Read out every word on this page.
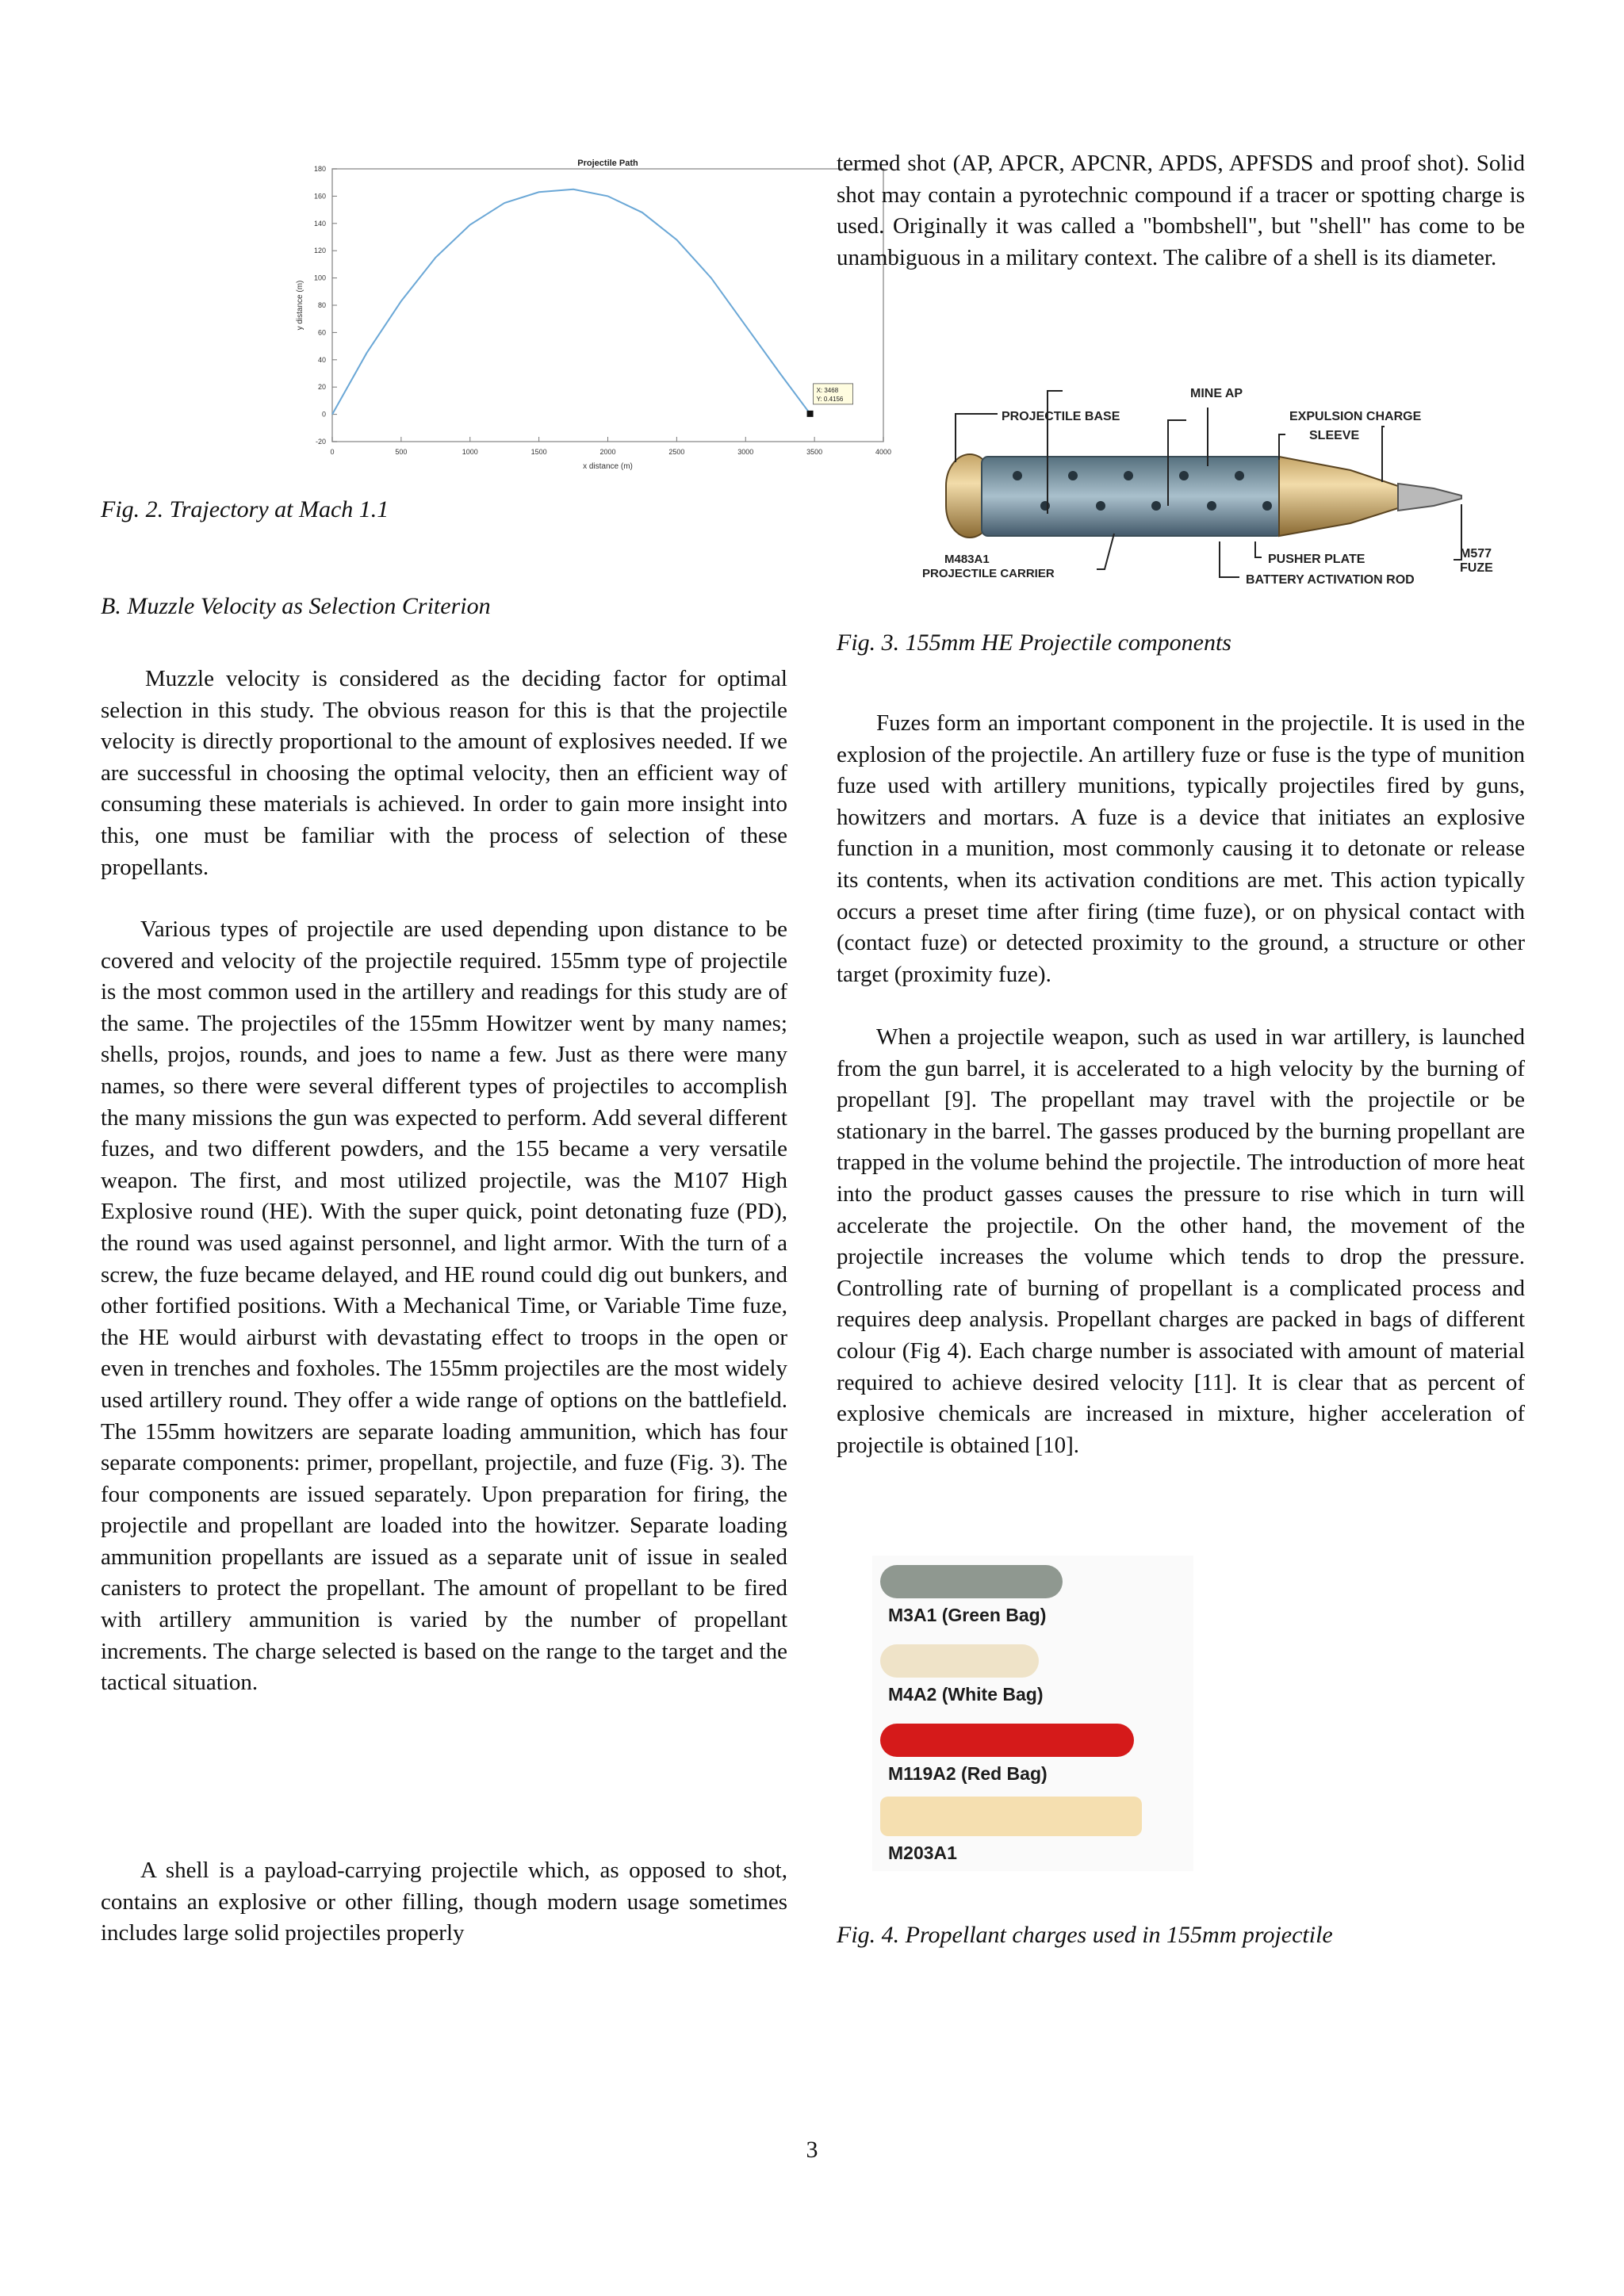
0	500	1000	1500	2000	2500	3000	3500	4000
-20
0
20
40
60
80
100
120
140
160
180
Projectile Path
x distance (m)
y distance (m)
X: 3468
Y: 0.4156

Fig. 2. Trajectory at Mach 1.1

B. Muzzle Velocity as Selection Criterion

Muzzle velocity is considered as the deciding factor for optimal selection in this study. The obvious reason for this is that the projectile velocity is directly proportional to the amount of explosives needed. If we are successful in choosing the optimal velocity, then an efficient way of consuming these materials is achieved. In order to gain more insight into this, one must be familiar with the process of selection of these propellants.

Various types of projectile are used depending upon distance to be covered and velocity of the projectile required. 155mm type of projectile is the most common used in the artillery and readings for this study are of the same. The projectiles of the 155mm Howitzer went by many names; shells, projos, rounds, and joes to name a few. Just as there were many names, so there were several different types of projectiles to accomplish the many missions the gun was expected to perform. Add several different fuzes, and two different powders, and the 155 became a very versatile weapon. The first, and most utilized projectile, was the M107 High Explosive round (HE). With the super quick, point detonating fuze (PD), the round was used against personnel, and light armor. With the turn of a screw, the fuze became delayed, and HE round could dig out bunkers, and other fortified positions. With a Mechanical Time, or Variable Time fuze, the HE would airburst with devastating effect to troops in the open or even in trenches and foxholes. The 155mm projectiles are the most widely used artillery round. They offer a wide range of options on the battlefield. The 155mm howitzers are separate loading ammunition, which has four separate components: primer, propellant, projectile, and fuze (Fig. 3). The four components are issued separately. Upon preparation for firing, the projectile and propellant are loaded into the howitzer. Separate loading ammunition propellants are issued as a separate unit of issue in sealed canisters to protect the propellant. The amount of propellant to be fired with artillery ammunition is varied by the number of propellant increments. The charge selected is based on the range to the target and the tactical situation.

A shell is a payload-carrying projectile which, as opposed to shot, contains an explosive or other filling, though modern usage sometimes includes large solid projectiles properly

termed shot (AP, APCR, APCNR, APDS, APFSDS and proof shot). Solid shot may contain a pyrotechnic compound if a tracer or spotting charge is used. Originally it was called a "bombshell", but "shell" has come to be unambiguous in a military context. The calibre of a shell is its diameter.

PROJECTILE BASE
MINE AP
EXPULSION CHARGE
SLEEVE
M577
FUZE
M483A1
PROJECTILE CARRIER
PUSHER PLATE
BATTERY ACTIVATION ROD

Fig. 3. 155mm HE Projectile components

Fuzes form an important component in the projectile. It is used in the explosion of the projectile. An artillery fuze or fuse is the type of munition fuze used with artillery munitions, typically projectiles fired by guns, howitzers and mortars. A fuze is a device that initiates an explosive function in a munition, most commonly causing it to detonate or release its contents, when its activation conditions are met. This action typically occurs a preset time after firing (time fuze), or on physical contact with (contact fuze) or detected proximity to the ground, a structure or other target (proximity fuze).

When a projectile weapon, such as used in war artillery, is launched from the gun barrel, it is accelerated to a high velocity by the burning of propellant [9]. The propellant may travel with the projectile or be stationary in the barrel. The gasses produced by the burning propellant are trapped in the volume behind the projectile. The introduction of more heat into the product gasses causes the pressure to rise which in turn will accelerate the projectile. On the other hand, the movement of the projectile increases the volume which tends to drop the pressure. Controlling rate of burning of propellant is a complicated process and requires deep analysis. Propellant charges are packed in bags of different colour (Fig 4). Each charge number is associated with amount of material required to achieve desired velocity [11]. It is clear that as percent of explosive chemicals are increased in mixture, higher acceleration of projectile is obtained [10].

M3A1 (Green Bag)
M4A2 (White Bag)
M119A2 (Red Bag)
M203A1

Fig. 4. Propellant charges used in 155mm projectile

3
